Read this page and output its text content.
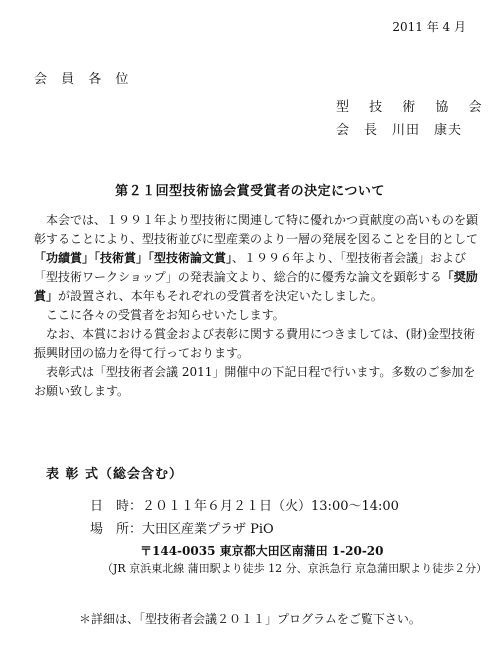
2011 年 4 月
会 員 各 位
型 技 術 協 会
会　長　川田　康夫
第２１回型技術協会賞受賞者の決定について

本会では、１９９１年より型技術に関連して特に優れかつ貢献度の高いものを顕彰することにより、型技術並びに型産業のより一層の発展を図ることを目的として「功績賞」「技術賞」「型技術論文賞」、１９９６年より、「型技術者会議」および「型技術ワークショップ」の発表論文より、総合的に優秀な論文を顕彰する「奨励賞」が設置され、本年もそれぞれの受賞者を決定いたしました。

ここに各々の受賞者をお知らせいたします。

なお、本賞における賞金および表彰に関する費用につきましては、(財)金型技術振興財団の協力を得て行っております。

表彰式は「型技術者会議 2011」開催中の下記日程で行います。多数のご参加をお願い致します。

表 彰 式（総会含む）
日　時：２０１１年６月２１日（火）13:00〜14:00
場　所：大田区産業プラザ PiO
〒144-0035 東京都大田区南蒲田 1-20-20
（JR 京浜東北線 蒲田駅より徒歩 12 分、京浜急行 京急蒲田駅より徒歩２分）
＊詳細は、「型技術者会議２０１１」プログラムをご覧下さい。
